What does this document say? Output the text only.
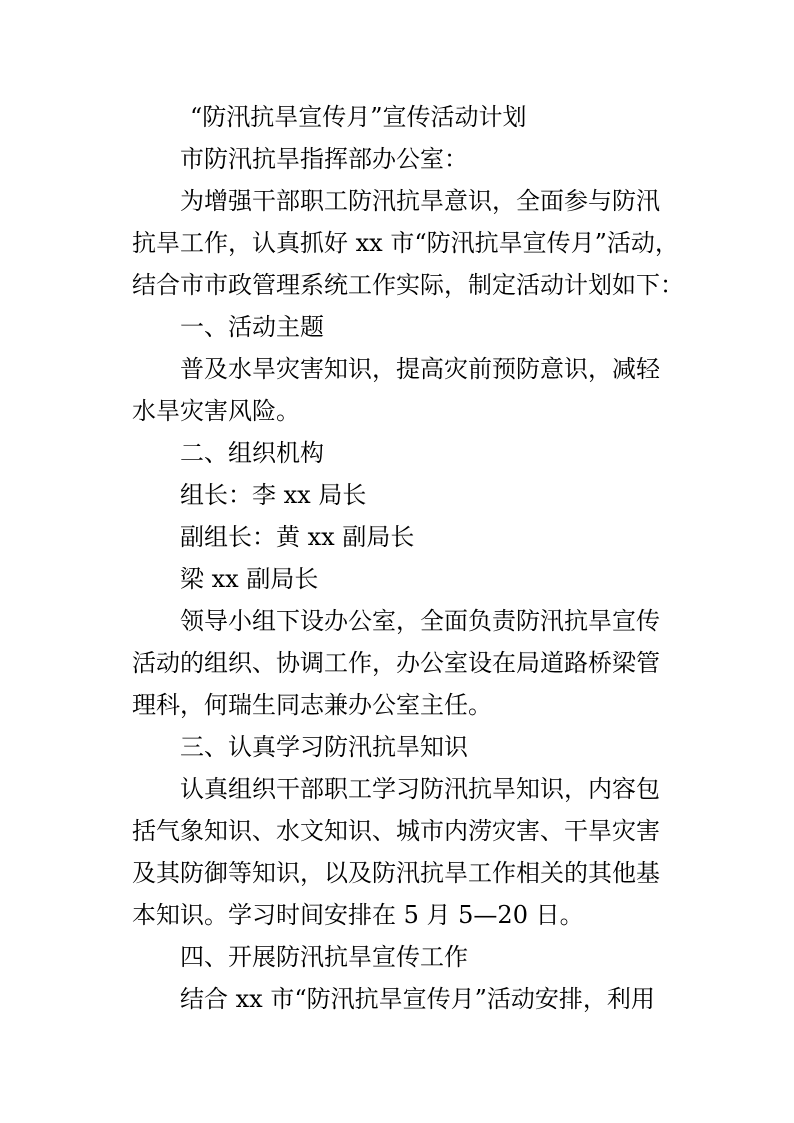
“防汛抗旱宣传月”宣传活动计划
市防汛抗旱指挥部办公室：
为增强干部职工防汛抗旱意识，全面参与防汛
抗旱工作，认真抓好 xx 市“防汛抗旱宣传月”活动，
结合市市政管理系统工作实际，制定活动计划如下：
一、活动主题
普及水旱灾害知识，提高灾前预防意识，减轻
水旱灾害风险。
二、组织机构
组长：李 xx 局长
副组长：黄 xx 副局长
梁 xx 副局长
领导小组下设办公室，全面负责防汛抗旱宣传
活动的组织、协调工作，办公室设在局道路桥梁管
理科，何瑞生同志兼办公室主任。
三、认真学习防汛抗旱知识
认真组织干部职工学习防汛抗旱知识，内容包
括气象知识、水文知识、城市内涝灾害、干旱灾害
及其防御等知识，以及防汛抗旱工作相关的其他基
本知识。学习时间安排在 5 月 5—20 日。
四、开展防汛抗旱宣传工作
结合 xx 市“防汛抗旱宣传月”活动安排，利用
